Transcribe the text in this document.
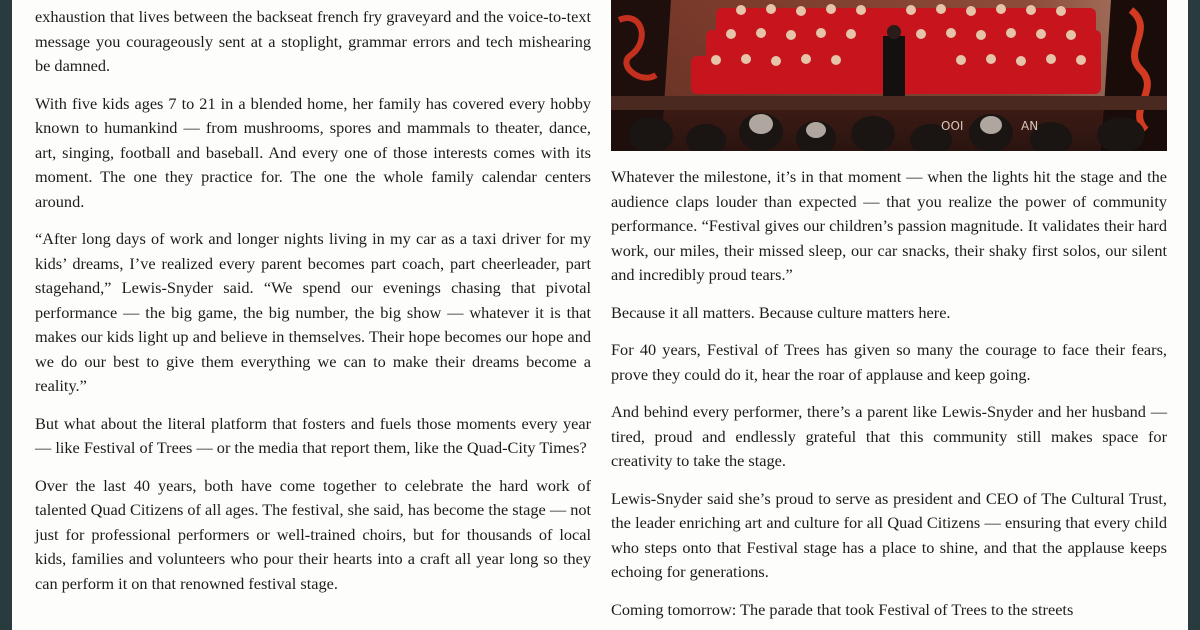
exhaustion that lives between the backseat french fry graveyard and the voice-to-text message you courageously sent at a stoplight, grammar errors and tech mishearing be damned.

With five kids ages 7 to 21 in a blended home, her family has covered every hobby known to humankind — from mushrooms, spores and mammals to theater, dance, art, singing, football and baseball. And every one of those interests comes with its moment. The one they practice for. The one the whole family calendar centers around.

“After long days of work and longer nights living in my car as a taxi driver for my kids’ dreams, I’ve realized every parent becomes part coach, part cheerleader, part stagehand,” Lewis-Snyder said. “We spend our evenings chasing that pivotal performance — the big game, the big number, the big show — whatever it is that makes our kids light up and believe in themselves. Their hope becomes our hope and we do our best to give them everything we can to make their dreams become a reality.”

But what about the literal platform that fosters and fuels those moments every year — like Festival of Trees — or the media that report them, like the Quad-City Times?

Over the last 40 years, both have come together to celebrate the hard work of talented Quad Citizens of all ages. The festival, she said, has become the stage — not just for professional performers or well-trained choirs, but for thousands of local kids, families and volunteers who pour their hearts into a craft all year long so they can perform it on that renowned festival stage.

OOI	AN

Whatever the milestone, it’s in that moment — when the lights hit the stage and the audience claps louder than expected — that you realize the power of community performance. “Festival gives our children’s passion magnitude. It validates their hard work, our miles, their missed sleep, our car snacks, their shaky first solos, our silent and incredibly proud tears.”

Because it all matters. Because culture matters here.

For 40 years, Festival of Trees has given so many the courage to face their fears, prove they could do it, hear the roar of applause and keep going.

And behind every performer, there’s a parent like Lewis-Snyder and her husband — tired, proud and endlessly grateful that this community still makes space for creativity to take the stage.

Lewis-Snyder said she’s proud to serve as president and CEO of The Cultural Trust, the leader enriching art and culture for all Quad Citizens — ensuring that every child who steps onto that Festival stage has a place to shine, and that the applause keeps echoing for generations.

Coming tomorrow: The parade that took Festival of Trees to the streets
